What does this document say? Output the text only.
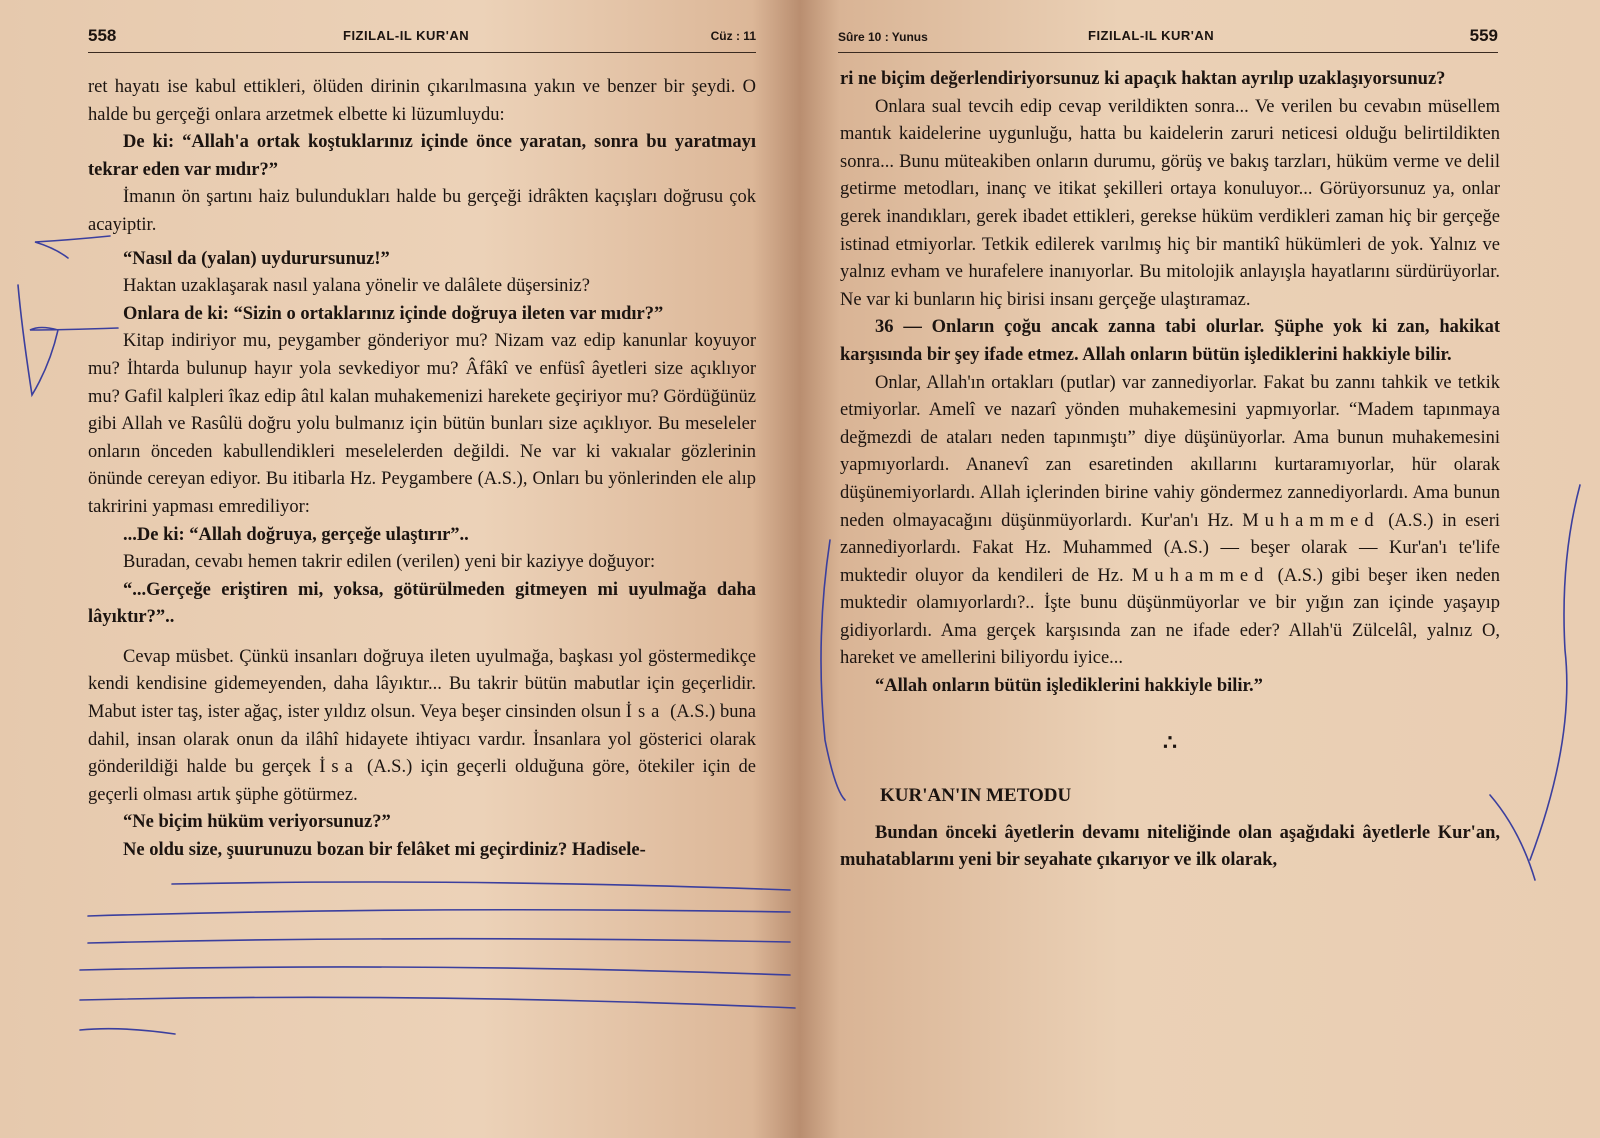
558	FIZILAL-IL KUR'AN	Cüz : 11

ret hayatı ise kabul ettikleri, ölüden dirinin çıkarılmasına yakın ve benzer bir şeydi. O halde bu gerçeği onlara arzetmek elbette ki lüzumluydu:

De ki: “Allah'a ortak koştuklarınız içinde önce yaratan, sonra bu yaratmayı tekrar eden var mıdır?”

İmanın ön şartını haiz bulundukları halde bu gerçeği idrâkten kaçışları doğrusu çok acayiptir.

“Nasıl da (yalan) uydurursunuz!”

Haktan uzaklaşarak nasıl yalana yönelir ve dalâlete düşersiniz?

Onlara de ki: “Sizin o ortaklarınız içinde doğruya ileten var mıdır?”

Kitap indiriyor mu, peygamber gönderiyor mu? Nizam vaz edip kanunlar koyuyor mu? İhtarda bulunup hayır yola sevkediyor mu? Âfâkî ve enfüsî âyetleri size açıklıyor mu? Gafil kalpleri îkaz edip âtıl kalan muhakemenizi harekete geçiriyor mu? Gördüğünüz gibi Allah ve Rasûlü doğru yolu bulmanız için bütün bunları size açıklıyor. Bu meseleler onların önceden kabullendikleri meselelerden değildi. Ne var ki vakıalar gözlerinin önünde cereyan ediyor. Bu itibarla Hz. Peygambere (A.S.), Onları bu yönlerinden ele alıp takririni yapması emrediliyor:

...De ki: “Allah doğruya, gerçeğe ulaştırır”..

Buradan, cevabı hemen takrir edilen (verilen) yeni bir kaziyye doğuyor:

“...Gerçeğe eriştiren mi, yoksa, götürülmeden gitmeyen mi uyulmağa daha lâyıktır?”..

Cevap müsbet. Çünkü insanları doğruya ileten uyulmağa, başkası yol göstermedikçe kendi kendisine gidemeyenden, daha lâyıktır... Bu takrir bütün mabutlar için geçerlidir. Mabut ister taş, ister ağaç, ister yıldız olsun. Veya beşer cinsinden olsun İsa (A.S.) buna dahil, insan olarak onun da ilâhî hidayete ihtiyacı vardır. İnsanlara yol gösterici olarak gönderildiği halde bu gerçek İsa (A.S.) için geçerli olduğuna göre, ötekiler için de geçerli olması artık şüphe götürmez.

“Ne biçim hüküm veriyorsunuz?”

Ne oldu size, şuurunuzu bozan bir felâket mi geçirdiniz? Hadisele-

Sûre 10 : Yunus	FIZILAL-IL KUR'AN	559

ri ne biçim değerlendiriyorsunuz ki apaçık haktan ayrılıp uzaklaşıyorsunuz?

Onlara sual tevcih edip cevap verildikten sonra... Ve verilen bu cevabın müsellem mantık kaidelerine uygunluğu, hatta bu kaidelerin zaruri neticesi olduğu belirtildikten sonra... Bunu müteakiben onların durumu, görüş ve bakış tarzları, hüküm verme ve delil getirme metodları, inanç ve itikat şekilleri ortaya konuluyor... Görüyorsunuz ya, onlar gerek inandıkları, gerek ibadet ettikleri, gerekse hüküm verdikleri zaman hiç bir gerçeğe istinad etmiyorlar. Tetkik edilerek varılmış hiç bir mantikî hükümleri de yok. Yalnız ve yalnız evham ve hurafelere inanıyorlar. Bu mitolojik anlayışla hayatlarını sürdürüyorlar. Ne var ki bunların hiç birisi insanı gerçeğe ulaştıramaz.

36 — Onların çoğu ancak zanna tabi olurlar. Şüphe yok ki zan, hakikat karşısında bir şey ifade etmez. Allah onların bütün işlediklerini hakkiyle bilir.

Onlar, Allah'ın ortakları (putlar) var zannediyorlar. Fakat bu zannı tahkik ve tetkik etmiyorlar. Amelî ve nazarî yönden muhakemesini yapmıyorlar. “Madem tapınmaya değmezdi de ataları neden tapınmıştı” diye düşünüyorlar. Ama bunun muhakemesini yapmıyorlardı. Ananevî zan esaretinden akıllarını kurtaramıyorlar, hür olarak düşünemiyorlardı. Allah içlerinden birine vahiy göndermez zannediyorlardı. Ama bunun neden olmayacağını düşünmüyorlardı. Kur'an'ı Hz. Muhammed (A.S.) in eseri zannediyorlardı. Fakat Hz. Muhammed (A.S.) — beşer olarak — Kur'an'ı te'life muktedir oluyor da kendileri de Hz. Muhammed (A.S.) gibi beşer iken neden muktedir olamıyorlardı?.. İşte bunu düşünmüyorlar ve bir yığın zan içinde yaşayıp gidiyorlardı. Ama gerçek karşısında zan ne ifade eder? Allah'ü Zülcelâl, yalnız O, hareket ve amellerini biliyordu iyice...

“Allah onların bütün işlediklerini hakkiyle bilir.”

∴

KUR'AN'IN METODU

Bundan önceki âyetlerin devamı niteliğinde olan aşağıdaki âyetlerle Kur'an, muhatablarını yeni bir seyahate çıkarıyor ve ilk olarak,
